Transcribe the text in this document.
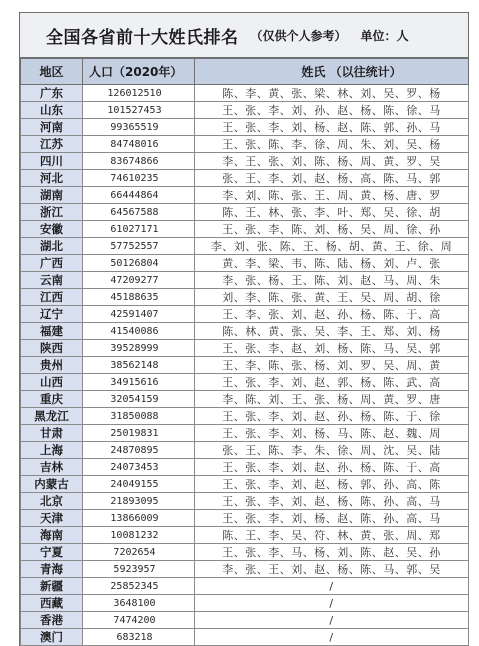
全国各省前十大姓氏排名 （仅供个人参考） 单位：人
地区	人口（2020年）	姓氏 （以往统计）
广东	126012510	陈、李、黄、张、梁、林、刘、吴、罗、杨
山东	101527453	王、张、李、刘、孙、赵、杨、陈、徐、马
河南	99365519	王、张、李、刘、杨、赵、陈、郭、孙、马
江苏	84748016	王、张、陈、李、徐、周、朱、刘、吴、杨
四川	83674866	李、王、张、刘、陈、杨、周、黄、罗、吴
河北	74610235	张、王、李、刘、赵、杨、高、陈、马、郭
湖南	66444864	李、刘、陈、张、王、周、黄、杨、唐、罗
浙江	64567588	陈、王、林、张、李、叶、郑、吴、徐、胡
安徽	61027171	王、张、李、陈、刘、杨、吴、周、徐、孙
湖北	57752557	李、刘、张、陈、王、杨、胡、黄、王、徐、周
广西	50126804	黄、李、梁、韦、陈、陆、杨、刘、卢、张
云南	47209277	李、张、杨、王、陈、刘、赵、马、周、朱
江西	45188635	刘、李、陈、张、黄、王、吴、周、胡、徐
辽宁	42591407	王、李、张、刘、赵、孙、杨、陈、于、高
福建	41540086	陈、林、黄、张、吴、李、王、郑、刘、杨
陕西	39528999	王、张、李、赵、刘、杨、陈、马、吴、郭
贵州	38562148	王、李、陈、张、杨、刘、罗、吴、周、黄
山西	34915616	王、张、李、刘、赵、郭、杨、陈、武、高
重庆	32054159	李、陈、刘、王、张、杨、周、黄、罗、唐
黑龙江	31850088	王、张、李、刘、赵、孙、杨、陈、于、徐
甘肃	25019831	王、张、李、刘、杨、马、陈、赵、魏、周
上海	24870895	张、王、陈、李、朱、徐、周、沈、吴、陆
吉林	24073453	王、张、李、刘、赵、孙、杨、陈、于、高
内蒙古	24049155	王、张、李、刘、赵、杨、郭、孙、高、陈
北京	21893095	王、张、李、刘、赵、杨、陈、孙、高、马
天津	13866009	王、张、李、刘、杨、赵、陈、孙、高、马
海南	10081232	陈、王、李、吴、符、林、黄、张、周、郑
宁夏	7202654	王、张、李、马、杨、刘、陈、赵、吴、孙
青海	5923957	李、张、王、刘、赵、杨、陈、马、郭、吴
新疆	25852345	/
西藏	3648100	/
香港	7474200	/
澳门	683218	/
